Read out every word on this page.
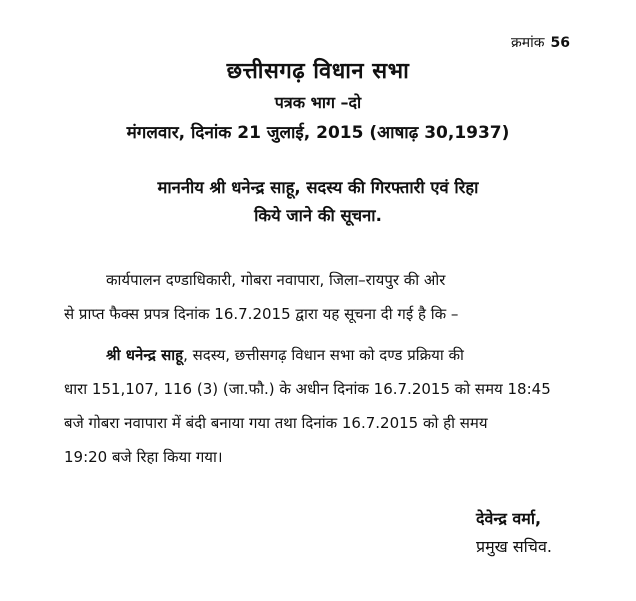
क्रमांक 56
छत्तीसगढ़ विधान सभा
पत्रक भाग –दो
मंगलवार, दिनांक 21 जुलाई, 2015 (आषाढ़ 30,1937)
माननीय श्री धनेन्द्र साहू, सदस्य की गिरफ्तारी एवं रिहा
किये जाने की सूचना.
कार्यपालन दण्डाधिकारी, गोबरा नवापारा, जिला–रायपुर की ओर
से प्राप्त फैक्स प्रपत्र दिनांक 16.7.2015 द्वारा यह सूचना दी गई है कि –
श्री धनेन्द्र साहू, सदस्य, छत्तीसगढ़ विधान सभा को दण्ड प्रक्रिया की
धारा 151,107, 116 (3) (जा.फौ.) के अधीन दिनांक 16.7.2015 को समय 18:45
बजे गोबरा नवापारा में बंदी बनाया गया तथा दिनांक 16.7.2015 को ही समय
19:20 बजे रिहा किया गया।
देवेन्द्र वर्मा,
प्रमुख सचिव.
